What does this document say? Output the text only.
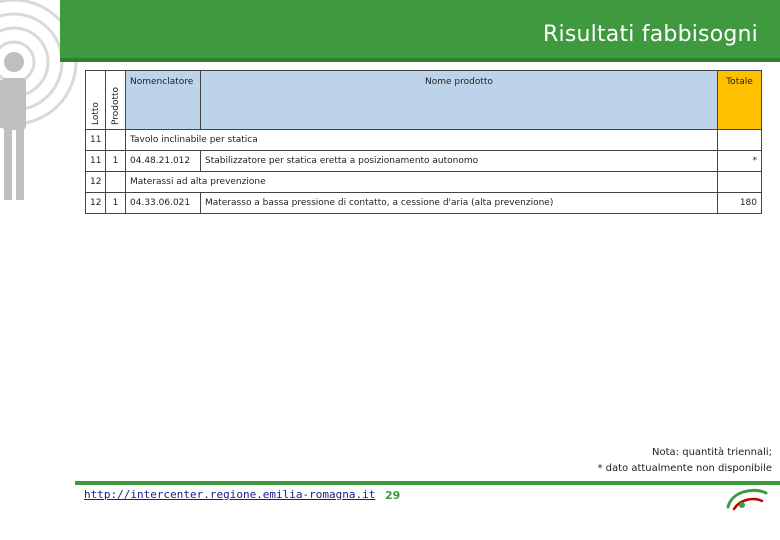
Risultati fabbisogni
Lotto	Prodotto	Nomenclatore	Nome prodotto	Totale

11		Tavolo inclinabile per statica		
11	1	04.48.21.012	Stabilizzatore per statica eretta a posizionamento autonomo	*
12		Materassi ad alta prevenzione		
12	1	04.33.06.021	Materasso a bassa pressione di contatto, a cessione d'aria (alta prevenzione)	180
Nota: quantità triennali;
* dato attualmente non disponibile
http://intercenter.regione.emilia-romagna.it 29
